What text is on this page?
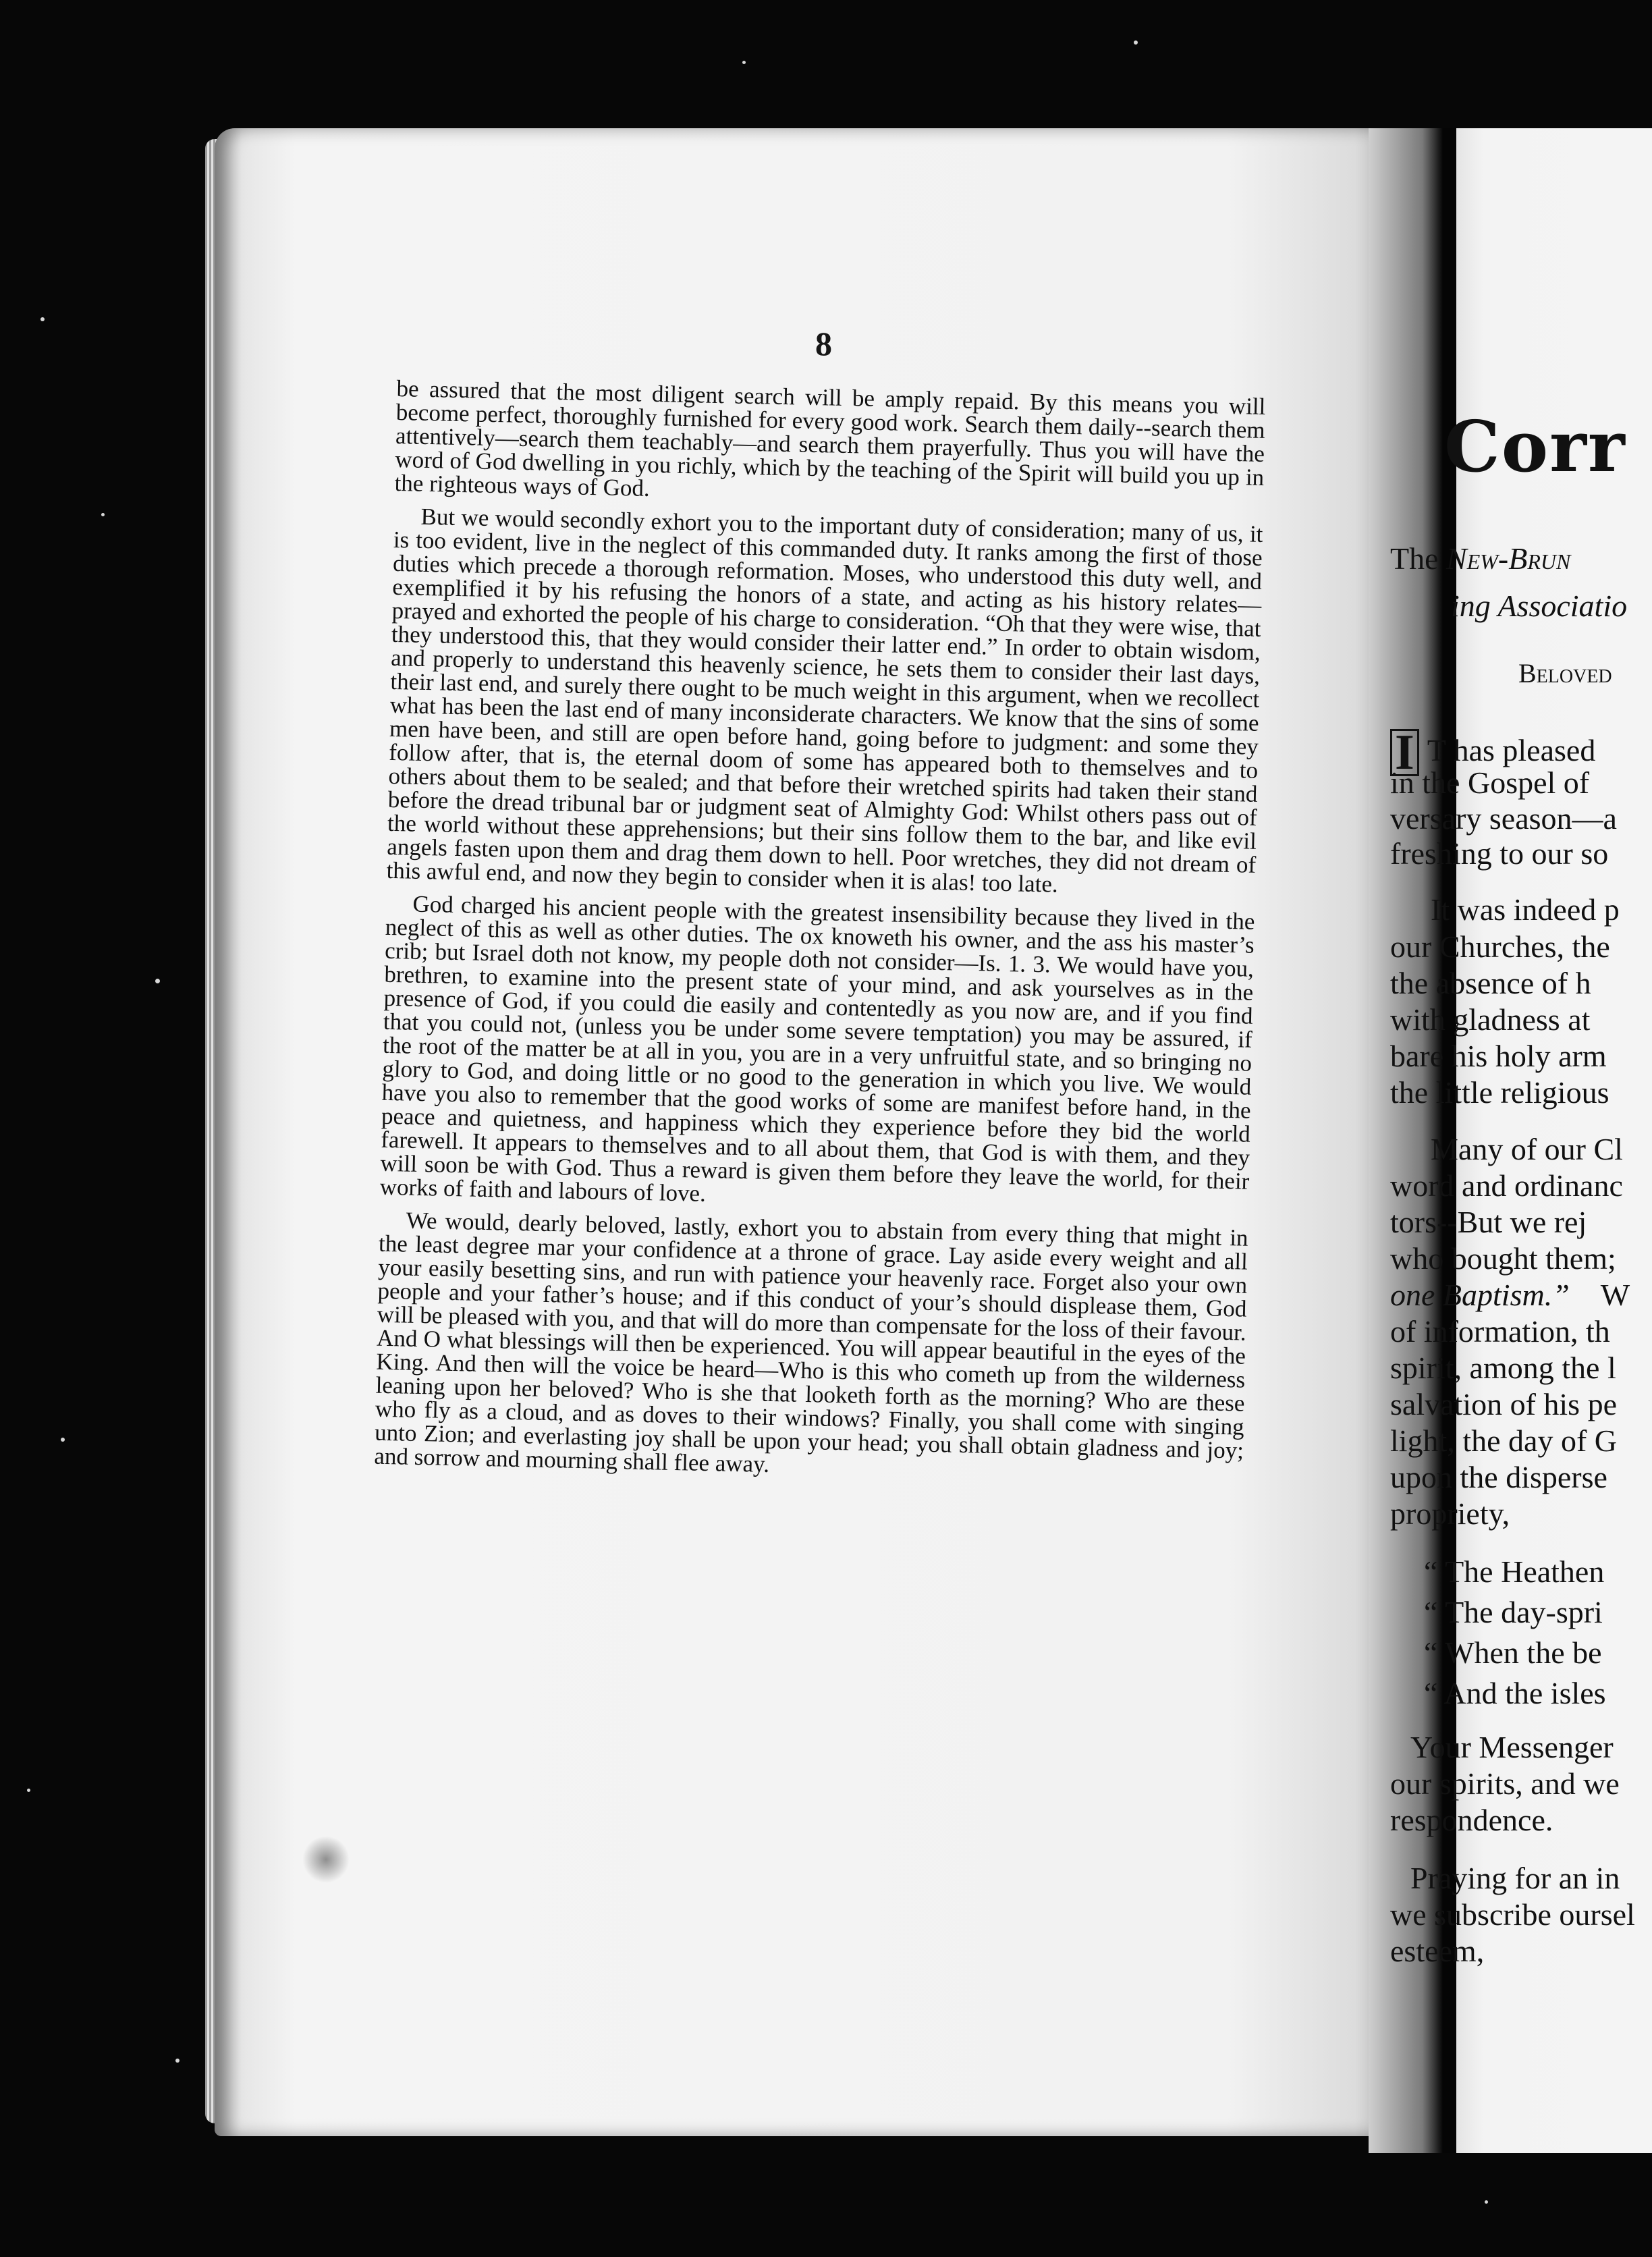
8

be assured that the most diligent search will be amply repaid. By this means you will become perfect, thoroughly furnished for every good work. Search them daily--search them attentively—search them teachably—and search them prayerfully. Thus you will have the word of God dwelling in you richly, which by the teaching of the Spirit will build you up in the righteous ways of God.

But we would secondly exhort you to the important duty of consideration; many of us, it is too evident, live in the neglect of this commanded duty. It ranks among the first of those duties which precede a thorough reformation. Moses, who understood this duty well, and exemplified it by his refusing the honors of a state, and acting as his history relates—prayed and exhorted the people of his charge to consideration. “Oh that they were wise, that they understood this, that they would consider their latter end.” In order to obtain wisdom, and properly to understand this heavenly science, he sets them to consider their last days, their last end, and surely there ought to be much weight in this argument, when we recollect what has been the last end of many inconsiderate characters. We know that the sins of some men have been, and still are open before hand, going before to judgment: and some they follow after, that is, the eternal doom of some has appeared both to themselves and to others about them to be sealed; and that before their wretched spirits had taken their stand before the dread tribunal bar or judgment seat of Almighty God: Whilst others pass out of the world without these apprehensions; but their sins follow them to the bar, and like evil angels fasten upon them and drag them down to hell. Poor wretches, they did not dream of this awful end, and now they begin to consider when it is alas! too late.

God charged his ancient people with the greatest insensibility because they lived in the neglect of this as well as other duties. The ox knoweth his owner, and the ass his master’s crib; but Israel doth not know, my people doth not consider—Is. 1. 3. We would have you, brethren, to examine into the present state of your mind, and ask yourselves as in the presence of God, if you could die easily and contentedly as you now are, and if you find that you could not, (unless you be under some severe temptation) you may be assured, if the root of the matter be at all in you, you are in a very unfruitful state, and so bringing no glory to God, and doing little or no good to the generation in which you live. We would have you also to remember that the good works of some are manifest before hand, in the peace and quietness, and happiness which they experience before they bid the world farewell. It appears to themselves and to all about them, that God is with them, and they will soon be with God. Thus a reward is given them before they leave the world, for their works of faith and labours of love.

We would, dearly beloved, lastly, exhort you to abstain from every thing that might in the least degree mar your confidence at a throne of grace. Lay aside every weight and all your easily besetting sins, and run with patience your heavenly race. Forget also your own people and your father’s house; and if this conduct of your’s should displease them, God will be pleased with you, and that will do more than compensate for the loss of their favour. And O what blessings will then be experienced. You will appear beautiful in the eyes of the King. And then will the voice be heard—Who is this who cometh up from the wilderness leaning upon her beloved? Who is she that looketh forth as the morning? Who are these who fly as a cloud, and as doves to their windows? Finally, you shall come with singing unto Zion; and everlasting joy shall be upon your head; you shall obtain gladness and joy; and sorrow and mourning shall flee away.

Corr
The New-Brun
ing Associatio
Beloved
I T has pleased
in the Gospel of
versary season—a
freshing to our so
It was indeed p
our Churches, the
the absence of h
with gladness at
bare his holy arm
the little religious
Many of our Cl
word and ordinanc
tors--But we rej
who bought them;
one Baptism.” W
of information, th
spirit, among the l
salvation of his pe
light, the day of G
upon the disperse
propriety,
“ The Heathen
“ The day-spri
“ When the be
“ And the isles
Your Messenger
our spirits, and we
respondence.
Praying for an in
we subscribe oursel
esteem,
